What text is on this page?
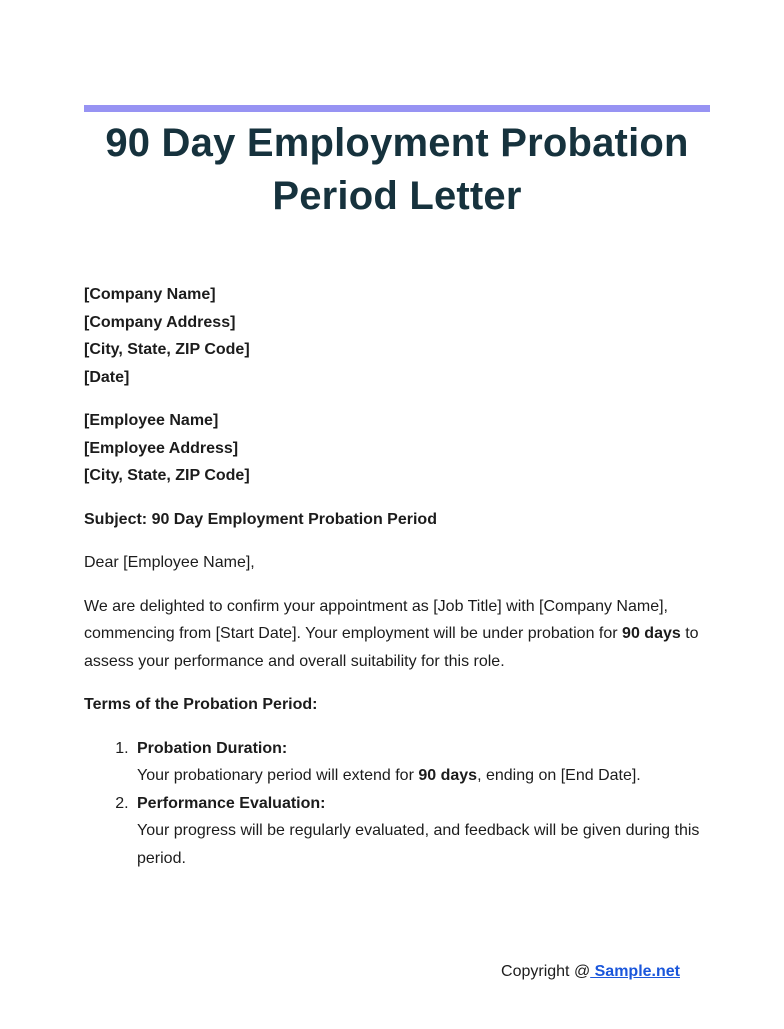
90 Day Employment Probation Period Letter
[Company Name]
[Company Address]
[City, State, ZIP Code]
[Date]
[Employee Name]
[Employee Address]
[City, State, ZIP Code]

Subject: 90 Day Employment Probation Period

Dear [Employee Name],

We are delighted to confirm your appointment as [Job Title] with [Company Name], commencing from [Start Date]. Your employment will be under probation for 90 days to assess your performance and overall suitability for this role.

Terms of the Probation Period:

1. Probation Duration:
Your probationary period will extend for 90 days, ending on [End Date].
2. Performance Evaluation:
Your progress will be regularly evaluated, and feedback will be given during this period.
Copyright @ Sample.net
